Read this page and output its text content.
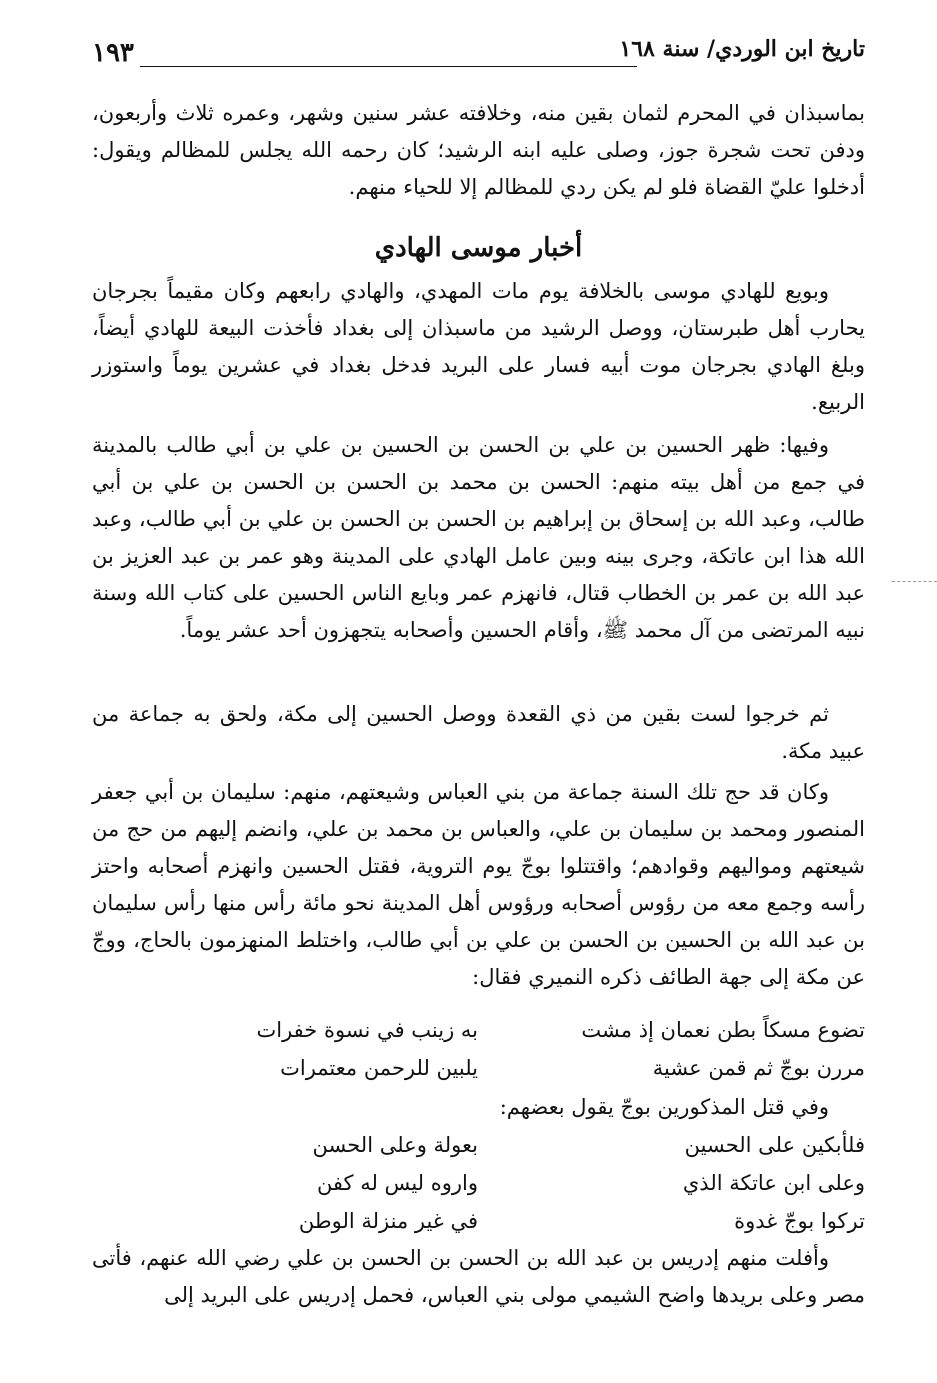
تاريخ ابن الوردي/ سنة ١٦٨
١٩٣

بماسبذان في المحرم لثمان بقين منه، وخلافته عشر سنين وشهر، وعمره ثلاث وأربعون، ودفن تحت شجرة جوز، وصلى عليه ابنه الرشيد؛ كان رحمه الله يجلس للمظالم ويقول: أدخلوا عليّ القضاة فلو لم يكن ردي للمظالم إلا للحياء منهم.

أخبار موسى الهادي

وبويع للهادي موسى بالخلافة يوم مات المهدي، والهادي رابعهم وكان مقيماً بجرجان يحارب أهل طبرستان، ووصل الرشيد من ماسبذان إلى بغداد فأخذت البيعة للهادي أيضاً، وبلغ الهادي بجرجان موت أبيه فسار على البريد فدخل بغداد في عشرين يوماً واستوزر الربيع.

وفيها: ظهر الحسين بن علي بن الحسن بن الحسين بن علي بن أبي طالب بالمدينة في جمع من أهل بيته منهم: الحسن بن محمد بن الحسن بن الحسن بن علي بن أبي طالب، وعبد الله بن إسحاق بن إبراهيم بن الحسن بن الحسن بن علي بن أبي طالب، وعبد الله هذا ابن عاتكة، وجرى بينه وبين عامل الهادي على المدينة وهو عمر بن عبد العزيز بن عبد الله بن عمر بن الخطاب قتال، فانهزم عمر وبايع الناس الحسين على كتاب الله وسنة نبيه المرتضى من آل محمد ﷺ، وأقام الحسين وأصحابه يتجهزون أحد عشر يوماً.

ثم خرجوا لست بقين من ذي القعدة ووصل الحسين إلى مكة، ولحق به جماعة من عبيد مكة.

وكان قد حج تلك السنة جماعة من بني العباس وشيعتهم، منهم: سليمان بن أبي جعفر المنصور ومحمد بن سليمان بن علي، والعباس بن محمد بن علي، وانضم إليهم من حج من شيعتهم ومواليهم وقوادهم؛ واقتتلوا بوجّ يوم التروية، فقتل الحسين وانهزم أصحابه واحتز رأسه وجمع معه من رؤوس أصحابه ورؤوس أهل المدينة نحو مائة رأس منها رأس سليمان بن عبد الله بن الحسين بن الحسن بن علي بن أبي طالب، واختلط المنهزمون بالحاج، ووجّ عن مكة إلى جهة الطائف ذكره النميري فقال:

تضوع مسكاً بطن نعمان إذ مشت
به زينب في نسوة خفرات
مررن بوجّ ثم قمن عشية
يلبين للرحمن معتمرات

وفي قتل المذكورين بوجّ يقول بعضهم:

فلأبكين على الحسين
بعولة وعلى الحسن
وعلى ابن عاتكة الذي
واروه ليس له كفن
تركوا بوجّ غدوة
في غير منزلة الوطن

وأفلت منهم إدريس بن عبد الله بن الحسن بن الحسن بن علي رضي الله عنهم، فأتى مصر وعلى بريدها واضح الشيمي مولى بني العباس، فحمل إدريس على البريد إلى
